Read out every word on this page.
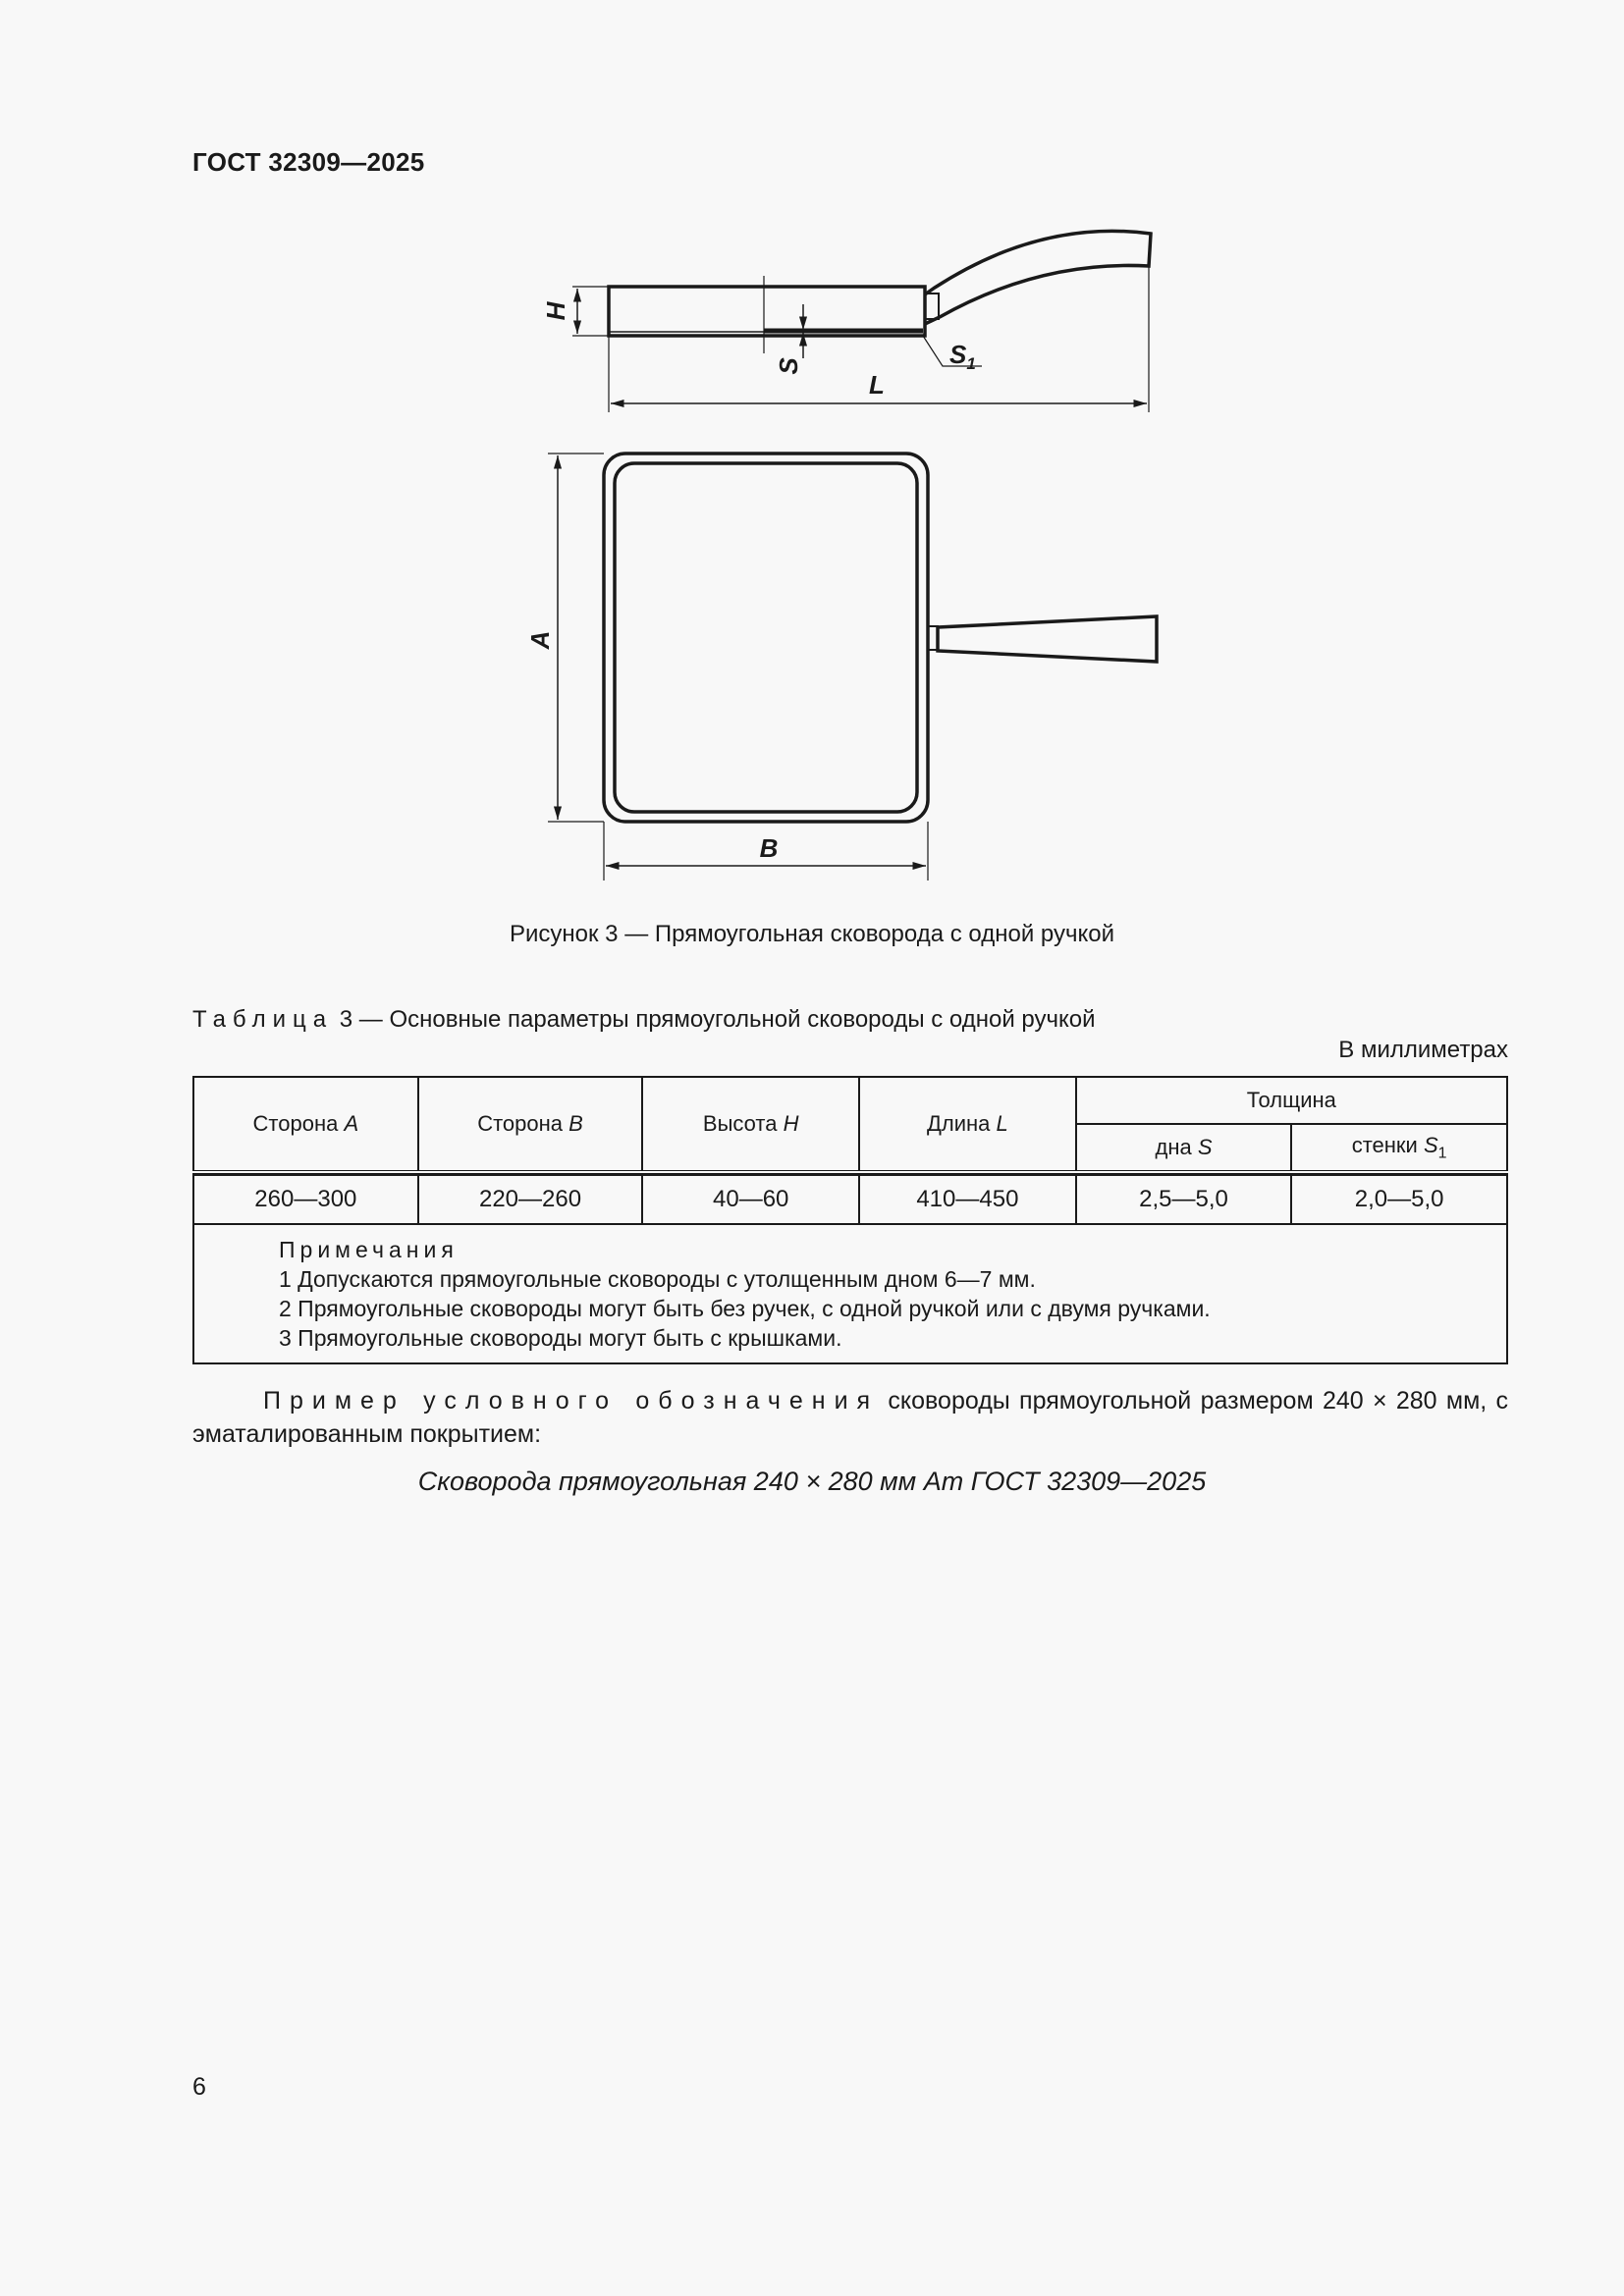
ГОСТ 32309—2025
H
S	$S_1$
L
A
B
Рисунок 3 — Прямоугольная сковорода с одной ручкой
Таблица 3 — Основные параметры прямоугольной сковороды с одной ручкой
В миллиметрах
Сторона A	Сторона B	Высота H	Длина L	Толщина	
				дна S	стенки $S_1$

260—300	220—260	40—60	410—450	2,5—5,0	2,0—5,0

Примечания
1 Допускаются прямоугольные сковороды с утолщенным дном 6—7 мм.
2 Прямоугольные сковороды могут быть без ручек, с одной ручкой или с двумя ручками.
3 Прямоугольные сковороды могут быть с крышками.					
Пример условного обозначения сковороды прямоугольной размером 240 × 280 мм, с эматалированным покрытием:
Сковорода прямоугольная 240 × 280 мм Ат ГОСТ 32309—2025
6
